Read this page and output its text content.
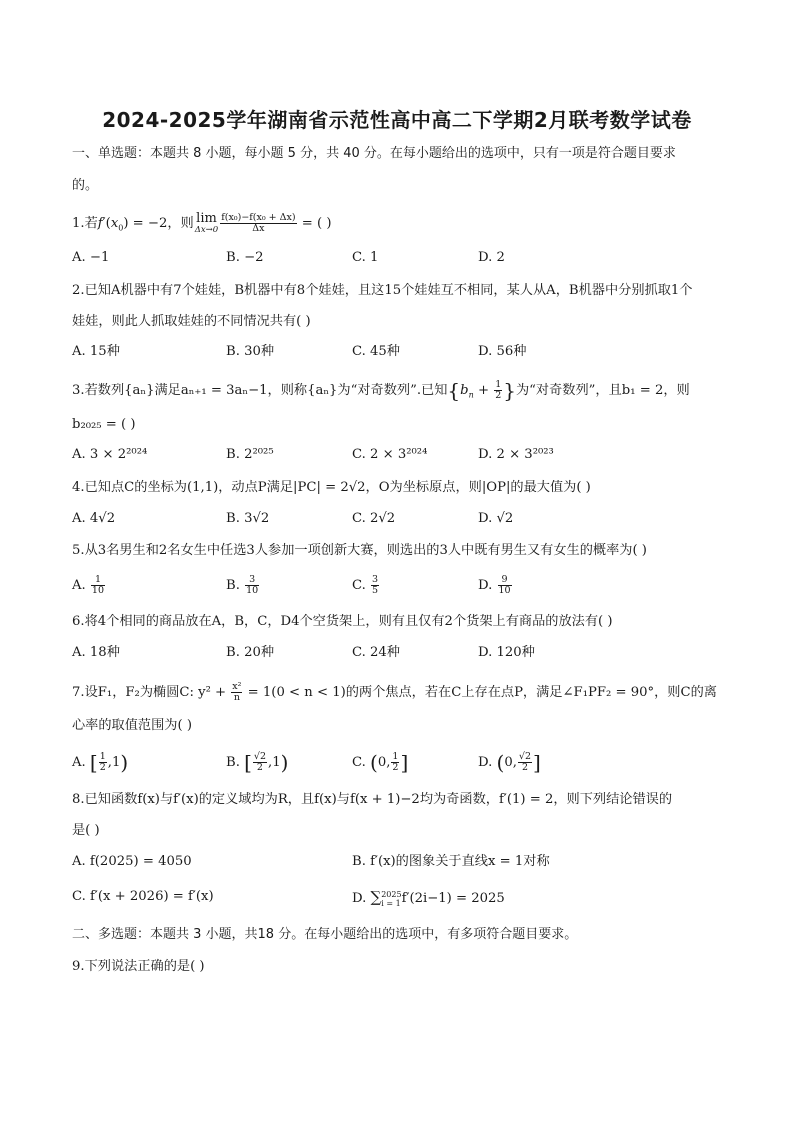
2024-2025学年湖南省示范性高中高二下学期2月联考数学试卷
一、单选题：本题共 8 小题，每小题 5 分，共 40 分。在每小题给出的选项中，只有一项是符合题目要求
的。
1.若$f'(x_0) = -2$，则 lim
$\Delta x\to 0 \frac{\text{f(x₀)−f(x₀ + Δx)}}{\Delta x}$ = ( )
A. −1	B. −2	C. 1	D. 2
2.已知A机器中有7个娃娃，B机器中有8个娃娃，且这15个娃娃互不相同，某人从A，B机器中分别抓取1个
娃娃，则此人抓取娃娃的不同情况共有( )
A. 15种	B. 30种	C. 45种	D. 56种
3.若数列{aₙ}满足aₙ₊₁ = 3aₙ−1，则称{aₙ}为“对奇数列”.已知{$b_n + \frac{1}{2}$ }为“对奇数列”，且b₁ = 2，则
b₂₀₂₅ = ( )
A. 3 × 2²⁰²⁴	B. 2²⁰²⁵	C. 2 × 3²⁰²⁴	D. 2 × 3²⁰²³
4.已知点C的坐标为(1,1)，动点P满足|PC| = 2√2，O为坐标原点，则|OP|的最大值为( )
A. 4√2	B. 3√2	C. 2√2	D. √2
5.从3名男生和2名女生中任选3人参加一项创新大赛，则选出的3人中既有男生又有女生的概率为( )
A. $\frac{1}{10}$	B. $\frac{3}{10}$	C. $\frac{3}{5}$	D. $\frac{9}{10}$
6.将4个相同的商品放在A，B，C，D4个空货架上，则有且仅有2个货架上有商品的放法有( )
A. 18种	B. 20种	C. 24种	D. 120种
7.设F₁，F₂为椭圆C: $y^2 + \frac{\text{x²}}{n} = 1(0 < n < 1)$的两个焦点，若在C上存在点P，满足∠F₁PF₂ = 90°，则C的离
心率的取值范围为( )
A. [ $\frac{1}{2} ,1$)	B. [ $\frac{√2}{2} ,1$)	C. (0, $\frac{1}{2}$ ]	D. (0, $\frac{√2}{2}$ ]
8.已知函数f(x)与f′(x)的定义域均为R，且f(x)与f(x + 1)−2均为奇函数，f′(1) = 2，则下列结论错误的
是( )
A. f(2025) = 4050	B. f′(x)的图象关于直线x = 1对称
C. f′(x + 2026) = f′(x)	D. ∑ 2025
i = 1 f′(2i−1) = 2025
二、多选题：本题共 3 小题，共18 分。在每小题给出的选项中，有多项符合题目要求。
9.下列说法正确的是( )
